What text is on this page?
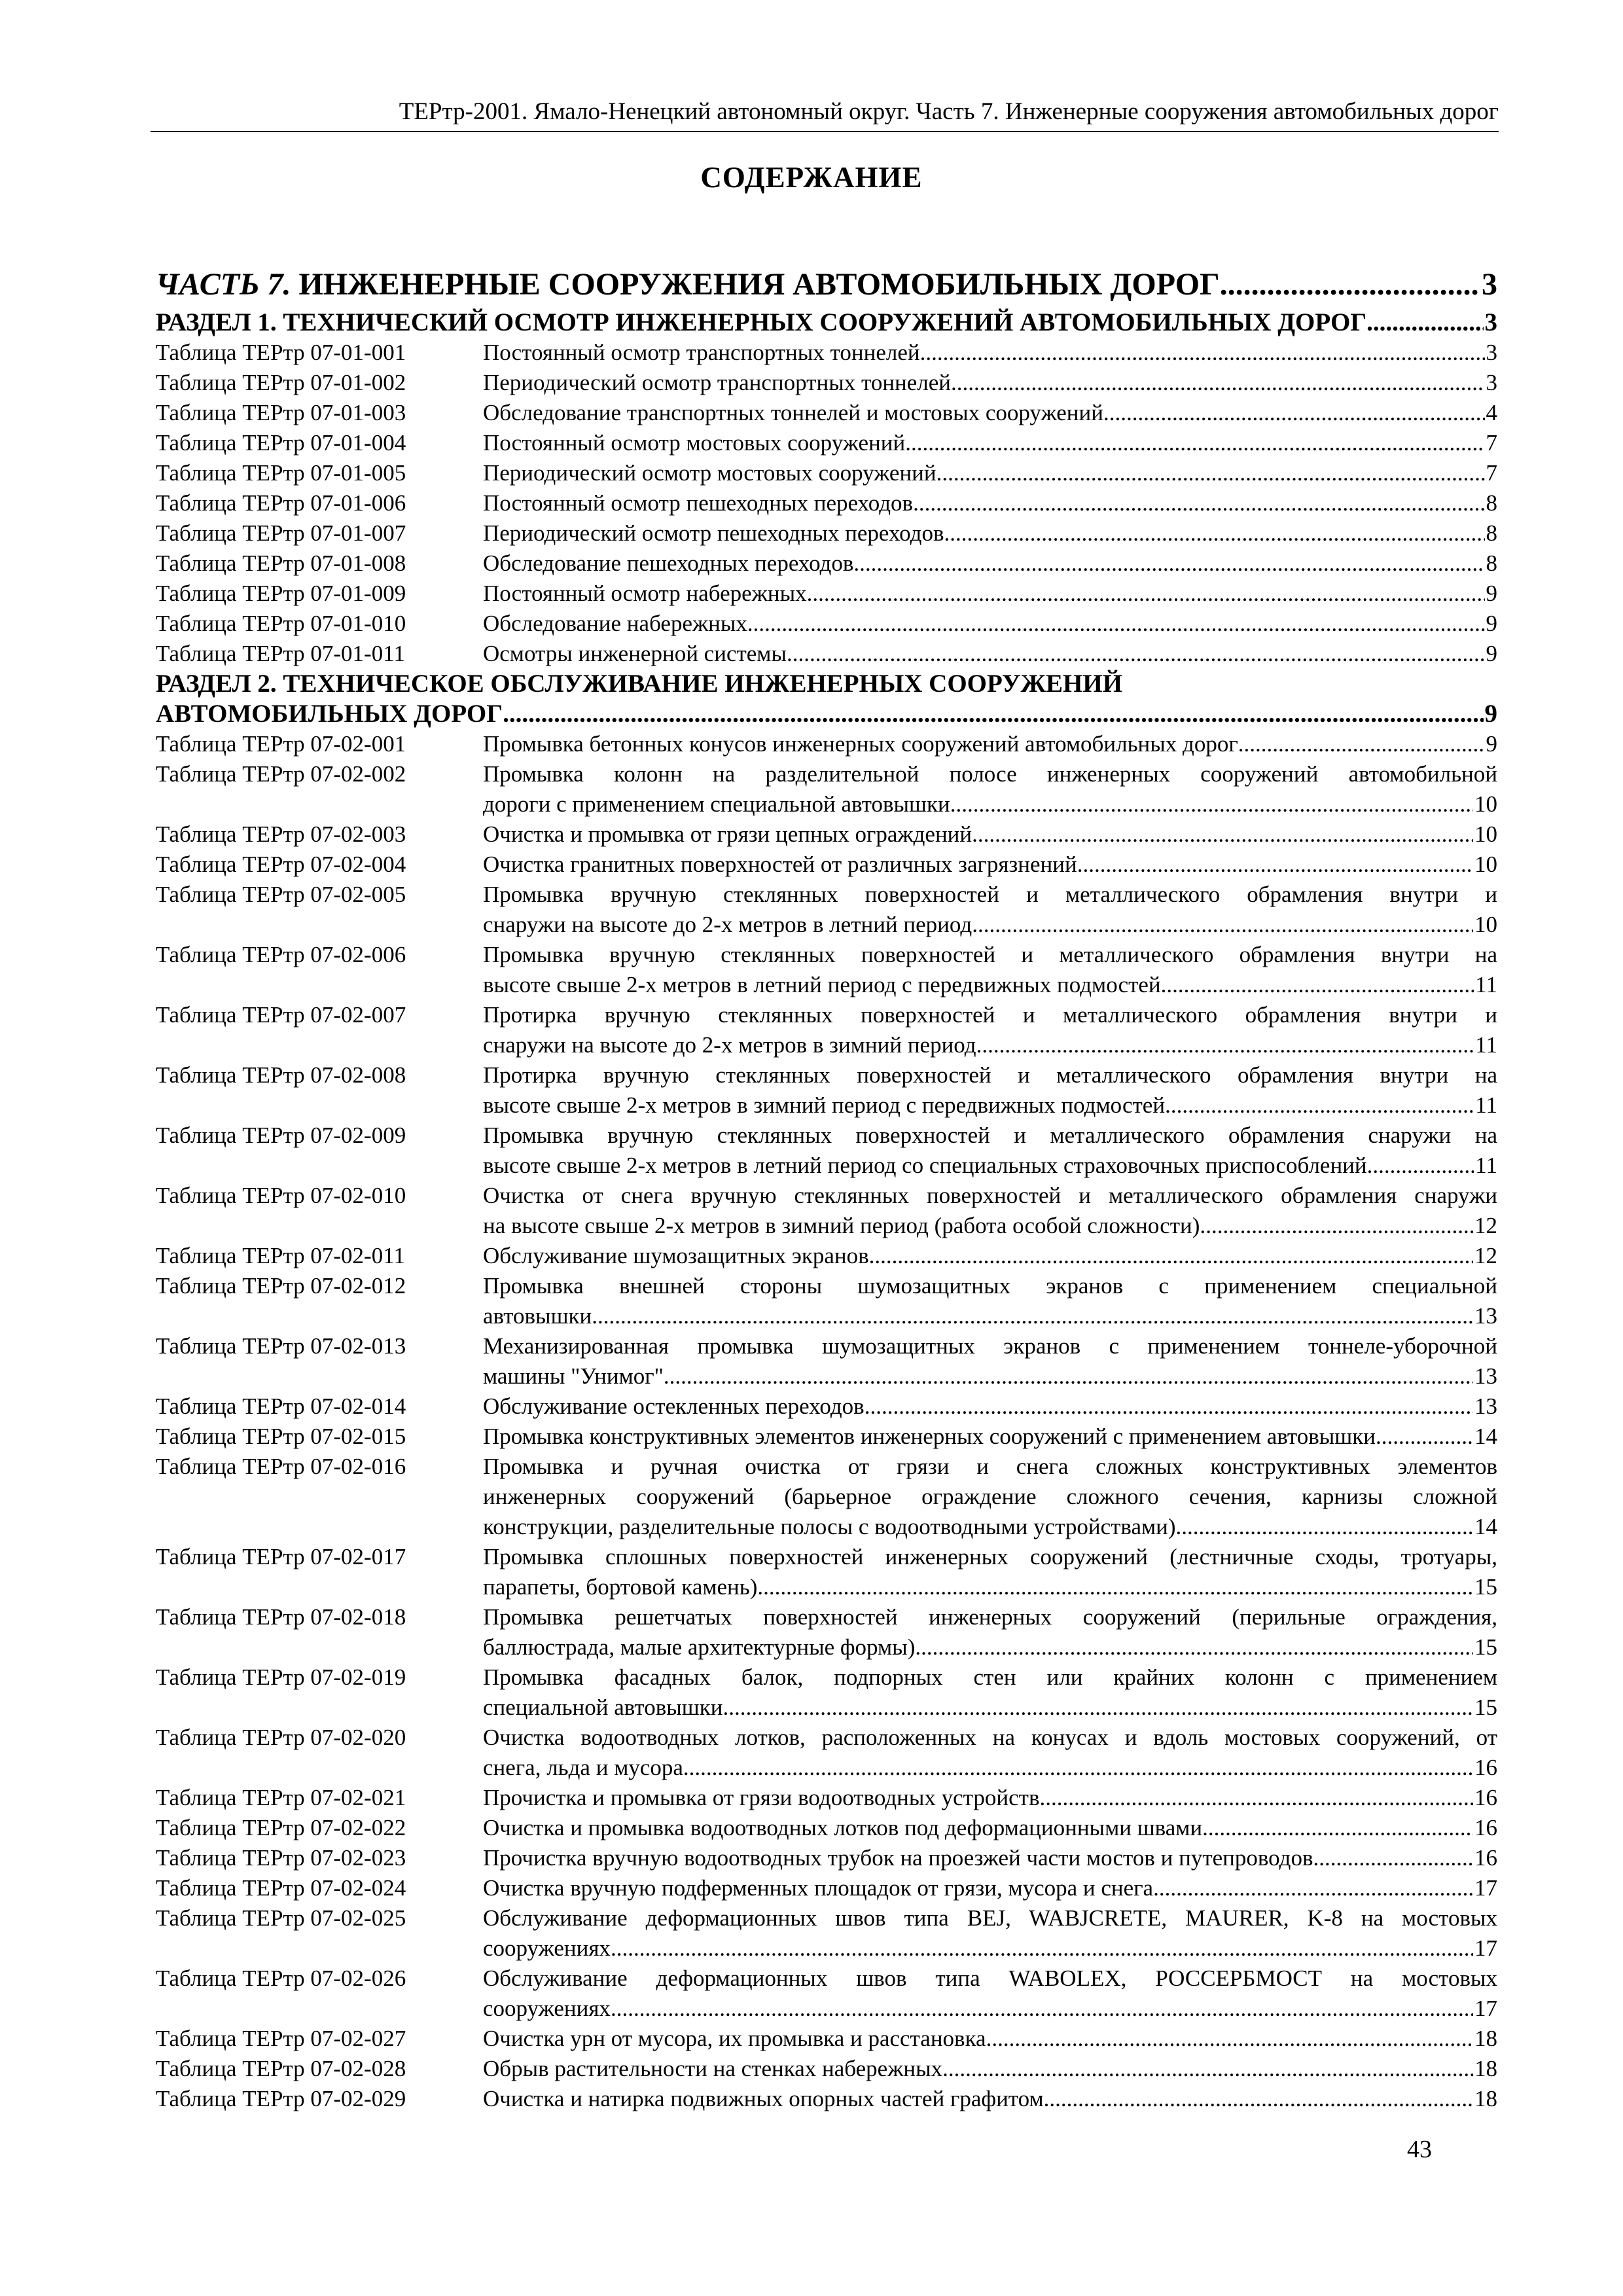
ТЕРтр-2001. Ямало-Ненецкий автономный округ. Часть 7. Инженерные сооружения автомобильных дорог
СОДЕРЖАНИЕ
ЧАСТЬ 7.
ИНЖЕНЕРНЫЕ СООРУЖЕНИЯ АВТОМОБИЛЬНЫХ ДОРОГ .....	3
РАЗДЕЛ 1. ТЕХНИЧЕСКИЙ ОСМОТР ИНЖЕНЕРНЫХ СООРУЖЕНИЙ АВТОМОБИЛЬНЫХ ДОРОГ .....	3
Таблица ТЕРтр 07-01-001	Постоянный осмотр транспортных тоннелей .....	3
Таблица ТЕРтр 07-01-002	Периодический осмотр транспортных тоннелей .....	3
Таблица ТЕРтр 07-01-003	Обследование транспортных тоннелей и мостовых сооружений .....	4
Таблица ТЕРтр 07-01-004	Постоянный осмотр мостовых сооружений .....	7
Таблица ТЕРтр 07-01-005	Периодический осмотр мостовых сооружений .....	7
Таблица ТЕРтр 07-01-006	Постоянный осмотр пешеходных переходов .....	8
Таблица ТЕРтр 07-01-007	Периодический осмотр пешеходных переходов .....	8
Таблица ТЕРтр 07-01-008	Обследование пешеходных переходов .....	8
Таблица ТЕРтр 07-01-009	Постоянный осмотр набережных .....	9
Таблица ТЕРтр 07-01-010	Обследование набережных .....	9
Таблица ТЕРтр 07-01-011	Осмотры инженерной системы .....	9
РАЗДЕЛ 2. ТЕХНИЧЕСКОЕ ОБСЛУЖИВАНИЕ ИНЖЕНЕРНЫХ СООРУЖЕНИЙ
АВТОМОБИЛЬНЫХ ДОРОГ .....	9
Таблица ТЕРтр 07-02-001	Промывка бетонных конусов инженерных сооружений автомобильных дорог .....	9
Таблица ТЕРтр 07-02-002	Промывка колонн на разделительной полосе инженерных сооружений автомобильной
дороги с применением специальной автовышки .....	10
Таблица ТЕРтр 07-02-003	Очистка и промывка от грязи цепных ограждений .....	10
Таблица ТЕРтр 07-02-004	Очистка гранитных поверхностей от различных загрязнений .....	10
Таблица ТЕРтр 07-02-005	Промывка вручную стеклянных поверхностей и металлического обрамления внутри и
снаружи на высоте до 2-х метров в летний период .....	10
Таблица ТЕРтр 07-02-006	Промывка вручную стеклянных поверхностей и металлического обрамления внутри на
высоте свыше 2-х метров в летний период с передвижных подмостей .....	11
Таблица ТЕРтр 07-02-007	Протирка вручную стеклянных поверхностей и металлического обрамления внутри и
снаружи на высоте до 2-х метров в зимний период .....	11
Таблица ТЕРтр 07-02-008	Протирка вручную стеклянных поверхностей и металлического обрамления внутри на
высоте свыше 2-х метров в зимний период с передвижных подмостей .....	11
Таблица ТЕРтр 07-02-009	Промывка вручную стеклянных поверхностей и металлического обрамления снаружи на
высоте свыше 2-х метров в летний период со специальных страховочных приспособлений .....	11
Таблица ТЕРтр 07-02-010	Очистка от снега вручную стеклянных поверхностей и металлического обрамления снаружи
на высоте свыше 2-х метров в зимний период (работа особой сложности) .....	12
Таблица ТЕРтр 07-02-011	Обслуживание шумозащитных экранов .....	12
Таблица ТЕРтр 07-02-012	Промывка внешней стороны шумозащитных экранов с применением специальной
автовышки .....	13
Таблица ТЕРтр 07-02-013	Механизированная промывка шумозащитных экранов с применением тоннеле-уборочной
машины "Унимог" .....	13
Таблица ТЕРтр 07-02-014	Обслуживание остекленных переходов .....	13
Таблица ТЕРтр 07-02-015	Промывка конструктивных элементов инженерных сооружений с применением автовышки .....	14
Таблица ТЕРтр 07-02-016	Промывка и ручная очистка от грязи и снега сложных конструктивных элементов
инженерных сооружений (барьерное ограждение сложного сечения, карнизы сложной
конструкции, разделительные полосы с водоотводными устройствами) .....	14
Таблица ТЕРтр 07-02-017	Промывка сплошных поверхностей инженерных сооружений (лестничные сходы, тротуары,
парапеты, бортовой камень) .....	15
Таблица ТЕРтр 07-02-018	Промывка решетчатых поверхностей инженерных сооружений (перильные ограждения,
баллюстрада, малые архитектурные формы) .....	15
Таблица ТЕРтр 07-02-019	Промывка фасадных балок, подпорных стен или крайних колонн с применением
специальной автовышки .....	15
Таблица ТЕРтр 07-02-020	Очистка водоотводных лотков, расположенных на конусах и вдоль мостовых сооружений, от
снега, льда и мусора .....	16
Таблица ТЕРтр 07-02-021	Прочистка и промывка от грязи водоотводных устройств .....	16
Таблица ТЕРтр 07-02-022	Очистка и промывка водоотводных лотков под деформационными швами .....	16
Таблица ТЕРтр 07-02-023	Прочистка вручную водоотводных трубок на проезжей части мостов и путепроводов .....	16
Таблица ТЕРтр 07-02-024	Очистка вручную подферменных площадок от грязи, мусора и снега .....	17
Таблица ТЕРтр 07-02-025	Обслуживание деформационных швов типа BEJ, WABJCRETE, MAURER, K-8 на мостовых
сооружениях .....	17
Таблица ТЕРтр 07-02-026	Обслуживание деформационных швов типа WABOLEX, РОССЕРБМОСТ на мостовых
сооружениях .....	17
Таблица ТЕРтр 07-02-027	Очистка урн от мусора, их промывка и расстановка .....	18
Таблица ТЕРтр 07-02-028	Обрыв растительности на стенках набережных .....	18
Таблица ТЕРтр 07-02-029	Очистка и натирка подвижных опорных частей графитом .....	18
43
